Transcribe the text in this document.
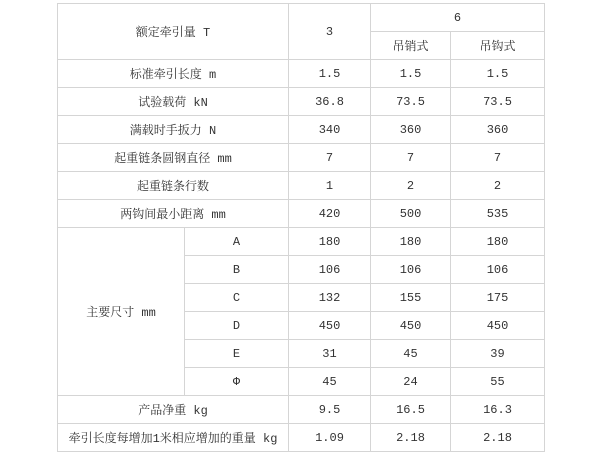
额定牵引量 T		3	6	
			吊销式	吊钩式
标准牵引长度 m		1.5	1.5	1.5
试验载荷 kN		36.8	73.5	73.5
满载时手扳力 N		340	360	360
起重链条圆钢直径 mm		7	7	7
起重链条行数		1	2	2
两钩间最小距离 mm		420	500	535
主要尺寸 mm	A	180	180	180
	B	106	106	106
	C	132	155	175
	D	450	450	450
	E	31	45	39
	Φ	45	24	55
产品净重 kg		9.5	16.5	16.3
牵引长度每增加1米相应增加的重量 kg		1.09	2.18	2.18
